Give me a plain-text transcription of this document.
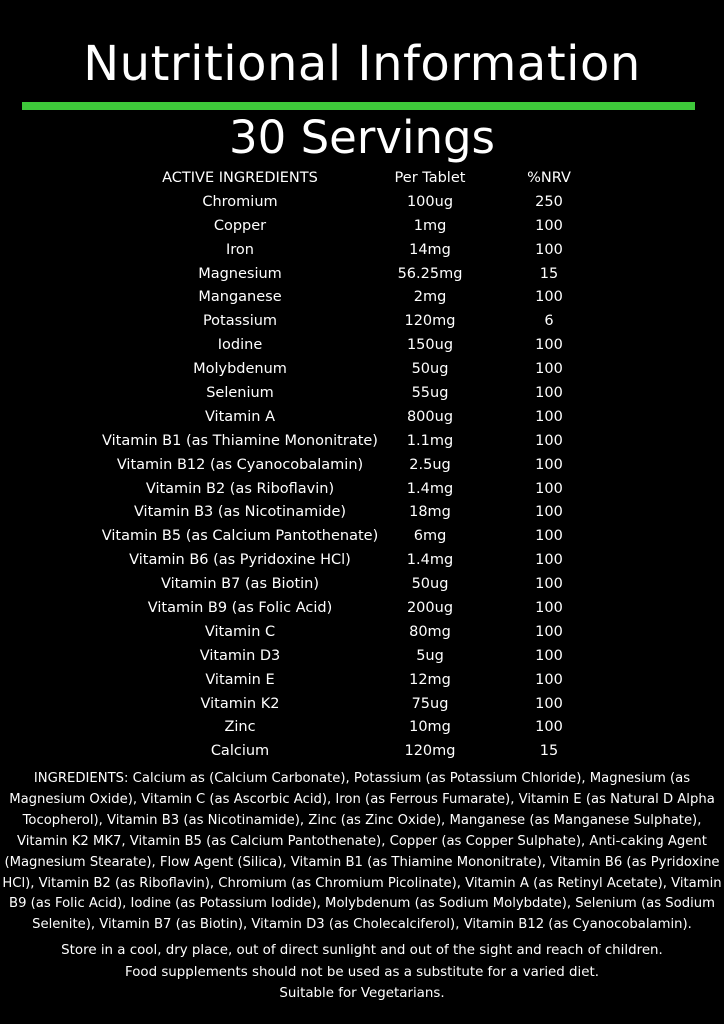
Nutritional Information
30 Servings
ACTIVE INGREDIENTS	Per Tablet	%NRV
Chromium	100ug	250
Copper	1mg	100
Iron	14mg	100
Magnesium	56.25mg	15
Manganese	2mg	100
Potassium	120mg	6
Iodine	150ug	100
Molybdenum	50ug	100
Selenium	55ug	100
Vitamin A	800ug	100
Vitamin B1 (as Thiamine Mononitrate)	1.1mg	100
Vitamin B12 (as Cyanocobalamin)	2.5ug	100
Vitamin B2 (as Riboflavin)	1.4mg	100
Vitamin B3 (as Nicotinamide)	18mg	100
Vitamin B5 (as Calcium Pantothenate)	6mg	100
Vitamin B6 (as Pyridoxine HCl)	1.4mg	100
Vitamin B7 (as Biotin)	50ug	100
Vitamin B9 (as Folic Acid)	200ug	100
Vitamin C	80mg	100
Vitamin D3	5ug	100
Vitamin E	12mg	100
Vitamin K2	75ug	100
Zinc	10mg	100
Calcium	120mg	15
INGREDIENTS: Calcium as (Calcium Carbonate), Potassium (as Potassium Chloride), Magnesium (as Magnesium Oxide), Vitamin C (as Ascorbic Acid), Iron (as Ferrous Fumarate), Vitamin E (as Natural D Alpha Tocopherol), Vitamin B3 (as Nicotinamide), Zinc (as Zinc Oxide), Manganese (as Manganese Sulphate), Vitamin K2 MK7, Vitamin B5 (as Calcium Pantothenate), Copper (as Copper Sulphate), Anti-caking Agent (Magnesium Stearate), Flow Agent (Silica), Vitamin B1 (as Thiamine Mononitrate), Vitamin B6 (as Pyridoxine HCl), Vitamin B2 (as Riboflavin), Chromium (as Chromium Picolinate), Vitamin A (as Retinyl Acetate), Vitamin B9 (as Folic Acid), Iodine (as Potassium Iodide), Molybdenum (as Sodium Molybdate), Selenium (as Sodium Selenite), Vitamin B7 (as Biotin), Vitamin D3 (as Cholecalciferol), Vitamin B12 (as Cyanocobalamin).
Store in a cool, dry place, out of direct sunlight and out of the sight and reach of children.
Food supplements should not be used as a substitute for a varied diet.
Suitable for Vegetarians.
